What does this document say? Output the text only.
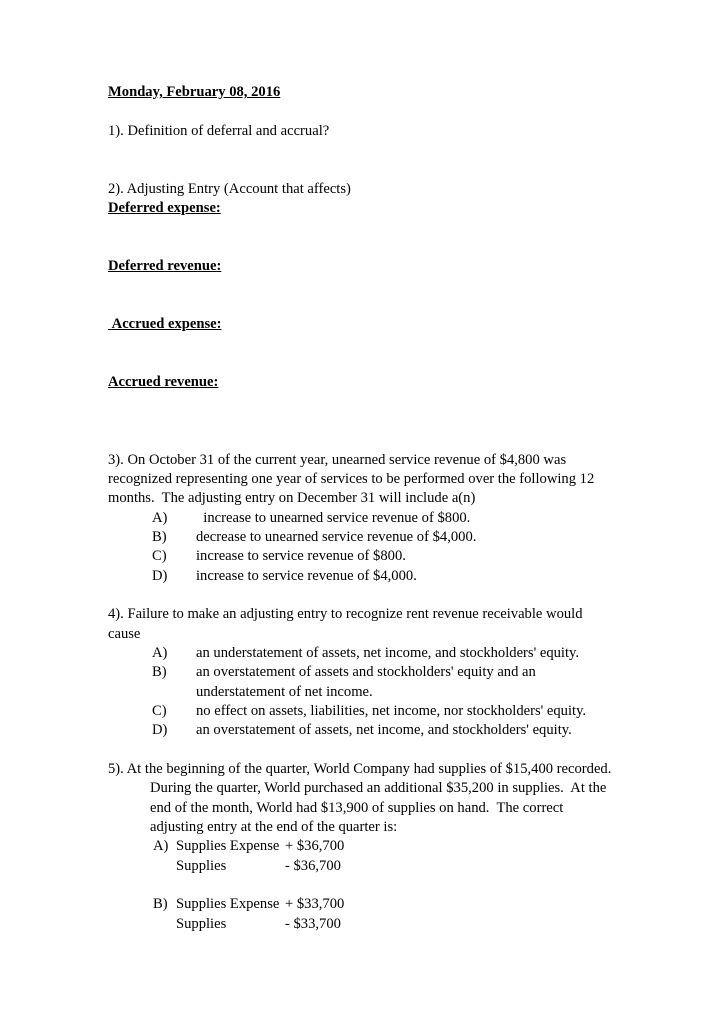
Monday, February 08, 2016
1). Definition of deferral and accrual?
2). Adjusting Entry (Account that affects)
Deferred expense:
Deferred revenue:
Accrued expense:
Accrued revenue:
3). On October 31 of the current year, unearned service revenue of $4,800 was
recognized representing one year of services to be performed over the following 12
months.  The adjusting entry on December 31 will include a(n)
A)  increase to unearned service revenue of $800.
B) decrease to unearned service revenue of $4,000.
C) increase to service revenue of $800.
D) increase to service revenue of $4,000.
4). Failure to make an adjusting entry to recognize rent revenue receivable would
cause
A) an understatement of assets, net income, and stockholders' equity.
B) an overstatement of assets and stockholders' equity and an
understatement of net income.
C) no effect on assets, liabilities, net income, nor stockholders' equity.
D) an overstatement of assets, net income, and stockholders' equity.
5). At the beginning of the quarter, World Company had supplies of $15,400 recorded.
During the quarter, World purchased an additional $35,200 in supplies.  At the
end of the month, World had $13,900 of supplies on hand.  The correct
adjusting entry at the end of the quarter is:
A) Supplies Expense + $36,700
Supplies	- $36,700
B) Supplies Expense + $33,700
Supplies	- $33,700
